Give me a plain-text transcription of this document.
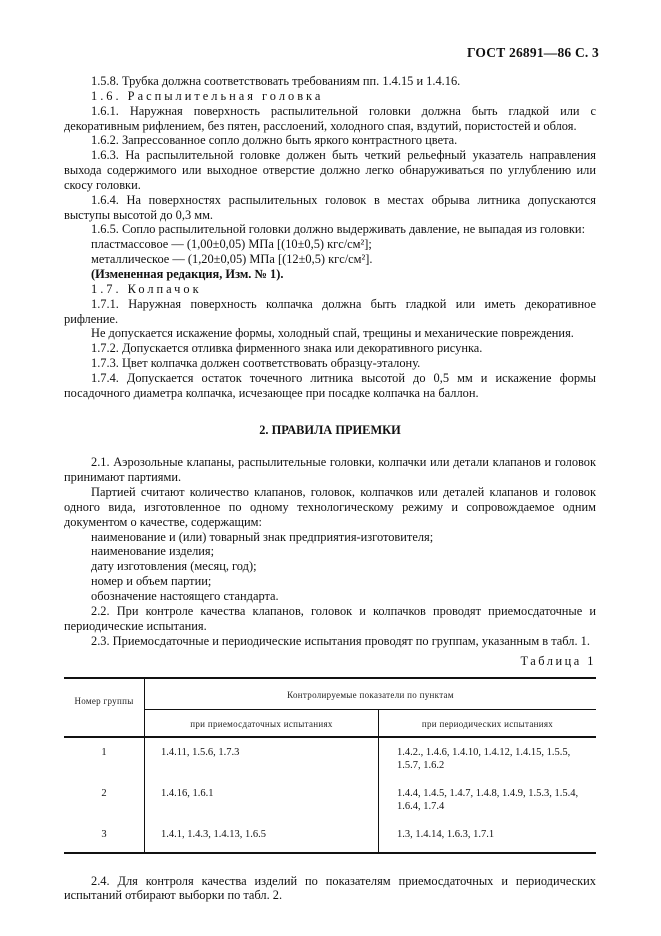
ГОСТ 26891—86 С. 3

1.5.8. Трубка должна соответствовать требованиям пп. 1.4.15 и 1.4.16.

1.6. Распылительная головка

1.6.1. Наружная поверхность распылительной головки должна быть гладкой или с декоративным рифлением, без пятен, расслоений, холодного спая, вздутий, пористостей и облоя.

1.6.2. Запрессованное сопло должно быть яркого контрастного цвета.

1.6.3. На распылительной головке должен быть четкий рельефный указатель направления выхода содержимого или выходное отверстие должно легко обнаруживаться по углублению или скосу головки.

1.6.4. На поверхностях распылительных головок в местах обрыва литника допускаются выступы высотой до 0,3 мм.

1.6.5. Сопло распылительной головки должно выдерживать давление, не выпадая из головки:

пластмассовое — (1,00±0,05) МПа [(10±0,5) кгс/см²];

металлическое — (1,20±0,05) МПа [(12±0,5) кгс/см²].

(Измененная редакция, Изм. № 1).

1.7. Колпачок

1.7.1. Наружная поверхность колпачка должна быть гладкой или иметь декоративное рифление.

Не допускается искажение формы, холодный спай, трещины и механические повреждения.

1.7.2. Допускается отливка фирменного знака или декоративного рисунка.

1.7.3. Цвет колпачка должен соответствовать образцу-эталону.

1.7.4. Допускается остаток точечного литника высотой до 0,5 мм и искажение формы посадочного диаметра колпачка, исчезающее при посадке колпачка на баллон.

2. ПРАВИЛА ПРИЕМКИ

2.1. Аэрозольные клапаны, распылительные головки, колпачки или детали клапанов и головок принимают партиями.

Партией считают количество клапанов, головок, колпачков или деталей клапанов и головок одного вида, изготовленное по одному технологическому режиму и сопровождаемое одним документом о качестве, содержащим:

наименование и (или) товарный знак предприятия-изготовителя;

наименование изделия;

дату изготовления (месяц, год);

номер и объем партии;

обозначение настоящего стандарта.

2.2. При контроле качества клапанов, головок и колпачков проводят приемосдаточные и периодические испытания.

2.3. Приемосдаточные и периодические испытания проводят по группам, указанным в табл. 1.

Таблица 1

Номер группы	Контролируемые показатели по пунктам	
	при приемосдаточных испытаниях	при периодических испытаниях
1	1.4.11, 1.5.6, 1.7.3	1.4.2., 1.4.6, 1.4.10, 1.4.12, 1.4.15, 1.5.5, 1.5.7, 1.6.2
2	1.4.16, 1.6.1	1.4.4, 1.4.5, 1.4.7, 1.4.8, 1.4.9, 1.5.3, 1.5.4, 1.6.4, 1.7.4
3	1.4.1, 1.4.3, 1.4.13, 1.6.5	1.3, 1.4.14, 1.6.3, 1.7.1

2.4. Для контроля качества изделий по показателям приемосдаточных и периодических испытаний отбирают выборки по табл. 2.
